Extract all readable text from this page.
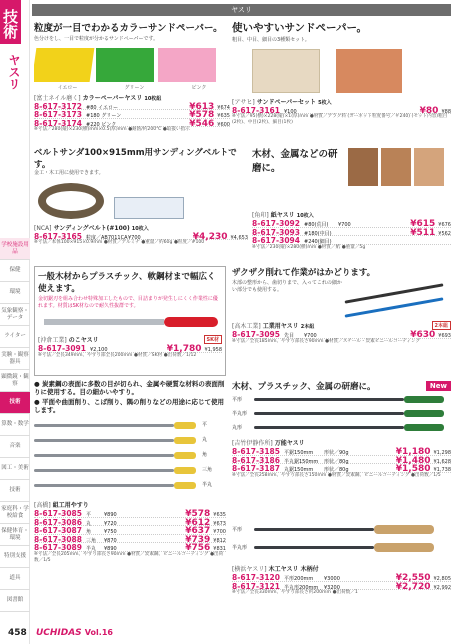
技術
ヤスリ
学校施設用品
保健
環境
気象観察・データ
ライター
実験・観察器具
顕微鏡・観察
技術
算数・数学
音楽
図工・美術
技術
家庭科・学校給食
保健体育・環境
特別支援
道具
図書館
ヤスリ
粒度が一目でわかるカラーサンドペーパー。
色分けをし、一目で粒度が分かるサンドペーパーです。
イエロー	グリーン	ピンク
[富士ネイル磨く] カラーペーパーヤスリ 10枚組
8-617-3172 #80 イエロー	¥613 ¥674
8-617-3173 #180 グリーン	¥578 ¥635
8-617-3174 #220 ピンク	¥546 ¥600
※寸法／280(縦)×230(横)mm×0.5(厚)mm ●耐熱/約200℃ ●取扱い指示
使いやすいサンドペーパー。
粗目、中目、細目の3種類セット。
[アサヒ] サンドペーパーセット 5枚入
8-617-3161 ¥100	¥80 ¥88
※寸法／95(横)×228(縦)×1(厚)mm ●材質／アラク料 (ガーネット粒度番号／＃240) (セット内容)粗目(2枚)、中目(2枚)、細目(1枚)
ベルトサンダ100×915mm用サンディングベルトです。
金工・木工用に使用できます。
[NCA] サンディングベルト(#100) 10枚入
8-617-3165 粒度／AB7011CA ¥700	¥4,230 ¥4,653
※寸法／本体100×915×0.9mm ●材質／アルミナ ●重量／約60g ●粒度／#100
木材、金属などの研磨に。
[角印] 紙ヤスリ 10枚入
8-617-3092 #80(荒目)	¥700	¥615 ¥676
8-617-3093 #180(中目)	¥511 ¥562
8-617-3094 #240(細目)
※寸法／230(縦)×280(横)mm ●材質／紙 ●重量／5g
一般木材からプラスチック、軟鋼材まで幅広く使えます。
金切鋸刃を組み合わせ特殊加工したもので、目詰まりが発生しにくく作業性に優れます。材質はSK材なので耐久性抜群です。
[沖倉工業] のこヤスリ	SK材
8-617-3091 ¥2,100	¥1,780 ¥1,958
※寸法／全長349mm、やすり部全長200mm ●材質／SK材 ●出荷数／1/12
ザクザク削れて作業がはかどります。
木部の整形から、歯切りまで、入ってこれの細かい部分でも使用する。
[高木工業] 工業用ヤスリ 2本組	2本組
8-617-3095 先目	¥700	¥630 ¥693
※寸法／全長185mm、やすり部長さ90mm ●材質／スチール・炭素ビニールコーティング
● 炭素鋼の表面に多数の目が切られ、金属や硬質な材料の表面削りに使用する。目の細かいやすり。
● 平面や曲面削り、こば削り、隅の削りなどの用途に応じて使用します。
平
丸
角
三角
半丸
[高橋] 組工用やすり
8-617-3085 平	¥890	¥578 ¥635
8-617-3086 丸	¥720	¥612 ¥673
8-617-3087 角	¥750	¥637 ¥700
8-617-3088 三角	¥870	¥739 ¥812
8-617-3089 半丸	¥890	¥756 ¥831
※寸法／全長205mm、やすり部長さ90mm ●材質／炭素鋼、ビニールコーティング ●出荷数／1/5
木材、プラスチック、金属の研磨に。	New
平形
半丸形
丸形
[吉竹伊静作所] 万能ヤスリ
8-617-3185 平鋸150mm	形状／90g	¥1,180 ¥1,298
8-617-3186 半丸鋸150mm	形状／80g	¥1,480 ¥1,628
8-617-3187 丸鋸150mm	形状／80g	¥1,580 ¥1,738
※寸法／全長258mm、やすり部長さ150mm ●材質／炭素鋼、ビニールコーティング ●出荷数／1/5
平形
半丸形
[横浜ヤスリ] 木工ヤスリ 木柄付
8-617-3120 平形200mm	¥3000	¥2,550 ¥2,805
8-617-3121 半丸形200mm	¥3200	¥2,720 ¥2,992
※寸法／全長330mm、やすり部長さ約200mm ●出荷数／1
458 UCHIDAS Vol.16
